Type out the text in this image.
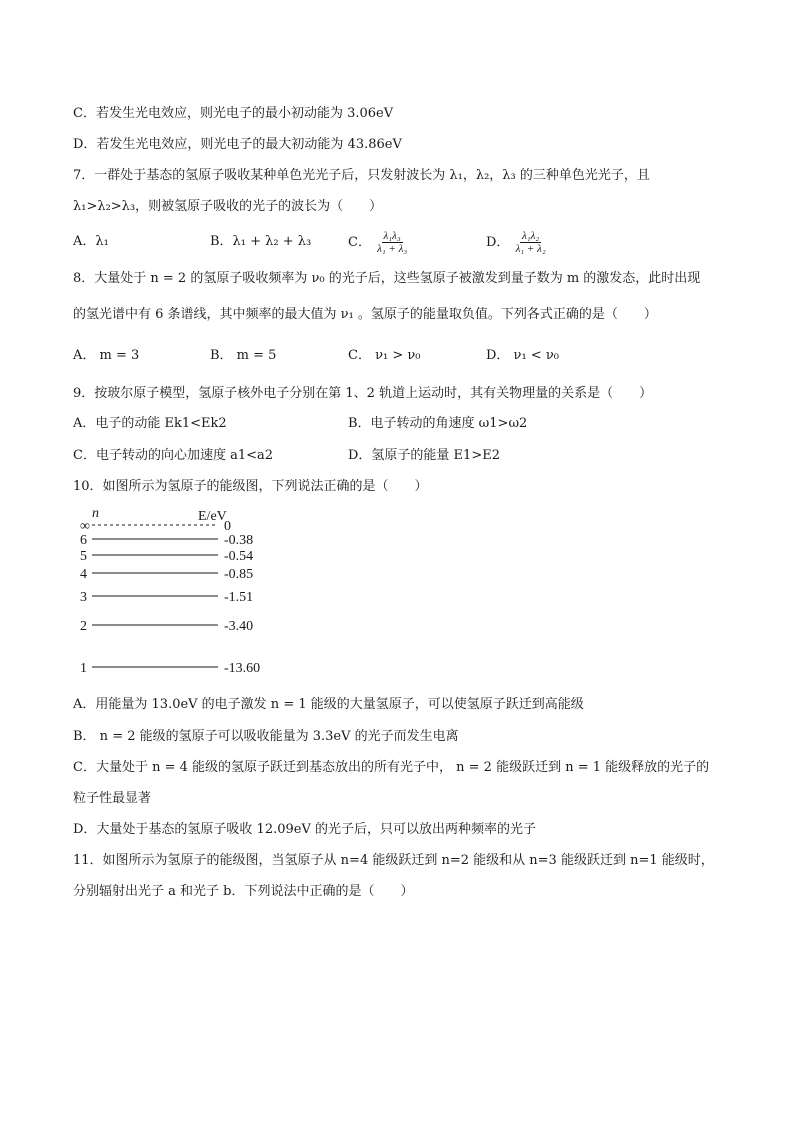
C．若发生光电效应，则光电子的最小初动能为 3.06eV
D．若发生光电效应，则光电子的最大初动能为 43.86eV
7．一群处于基态的氢原子吸收某种单色光光子后，只发射波长为 λ₁，λ₂，λ₃ 的三种单色光光子，且
λ₁>λ₂>λ₃，则被氢原子吸收的光子的波长为（　　）
A．λ₁	B．λ₁ + λ₂ + λ₃	C． $\frac{\text{λ₁λ₃}}{\text{λ₁ + λ₃}}$	D． $\frac{\text{λ₁λ₂}}{\text{λ₁ + λ₂}}$
8．大量处于 n = 2 的氢原子吸收频率为 ν₀ 的光子后，这些氢原子被激发到量子数为 m 的激发态，此时出现
的氢光谱中有 6 条谱线，其中频率的最大值为 ν₁ 。氢原子的能量取负值。下列各式正确的是（　　）
A． m = 3	B． m = 5	C． ν₁ > ν₀	D． ν₁ < ν₀
9．按玻尔原子模型，氢原子核外电子分别在第 1、2 轨道上运动时，其有关物理量的关系是（　　）
A．电子的动能 Ek1<Ek2	B．电子转动的角速度 ω1>ω2
C．电子转动的向心加速度 a1<a2	D．氢原子的能量 E1>E2
10．如图所示为氢原子的能级图，下列说法正确的是（　　）
n	E/eV
∞	0
6	-0.38
5	-0.54
4	-0.85
3	-1.51
2	-3.40
1	-13.60
A．用能量为 13.0eV 的电子激发 n = 1 能级的大量氢原子，可以使氢原子跃迁到高能级
B． n = 2 能级的氢原子可以吸收能量为 3.3eV 的光子而发生电离
C．大量处于 n = 4 能级的氢原子跃迁到基态放出的所有光子中， n = 2 能级跃迁到 n = 1 能级释放的光子的
粒子性最显著
D．大量处于基态的氢原子吸收 12.09eV 的光子后，只可以放出两种频率的光子
11．如图所示为氢原子的能级图，当氢原子从 n=4 能级跃迁到 n=2 能级和从 n=3 能级跃迁到 n=1 能级时，
分别辐射出光子 a 和光子 b．下列说法中正确的是（　　）
